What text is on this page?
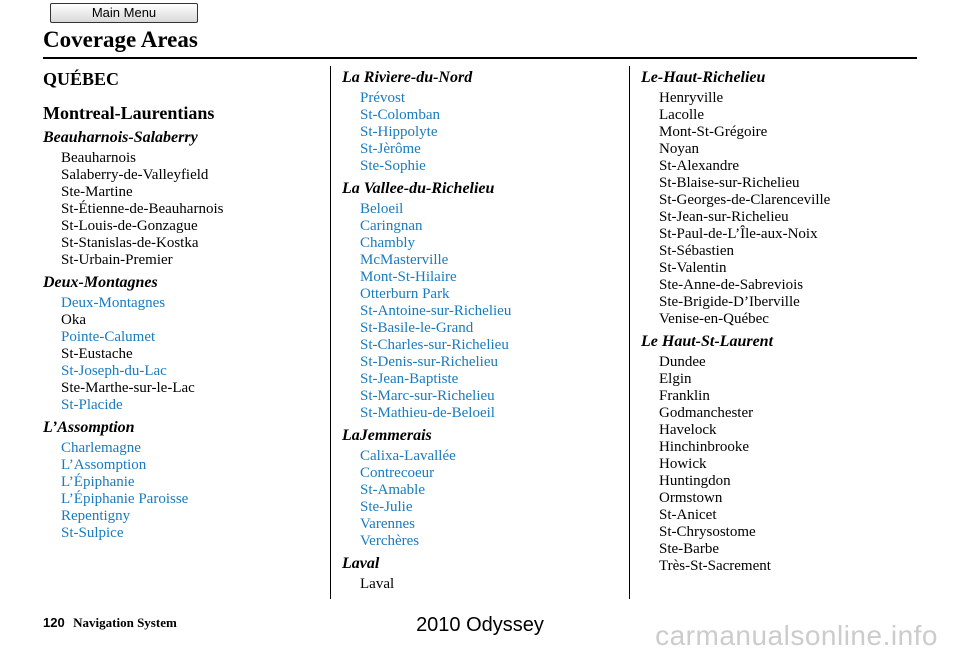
Main Menu
Coverage Areas
QUÉBEC
Montreal-Laurentians
Beauharnois-Salaberry
Beauharnois
Salaberry-de-Valleyfield
Ste-Martine
St-Étienne-de-Beauharnois
St-Louis-de-Gonzague
St-Stanislas-de-Kostka
St-Urbain-Premier
Deux-Montagnes
Deux-Montagnes
Oka
Pointe-Calumet
St-Eustache
St-Joseph-du-Lac
Ste-Marthe-sur-le-Lac
St-Placide
L’Assomption
Charlemagne
L’Assomption
L’Épiphanie
L’Épiphanie Paroisse
Repentigny
St-Sulpice
La Rivìere-du-Nord
Prévost
St-Colomban
St-Hippolyte
St-Jèrôme
Ste-Sophie
La Vallee-du-Richelieu
Beloeil
Caringnan
Chambly
McMasterville
Mont-St-Hilaire
Otterburn Park
St-Antoine-sur-Richelieu
St-Basile-le-Grand
St-Charles-sur-Richelieu
St-Denis-sur-Richelieu
St-Jean-Baptiste
St-Marc-sur-Richelieu
St-Mathieu-de-Beloeil
LaJemmerais
Calixa-Lavallée
Contrecoeur
St-Amable
Ste-Julie
Varennes
Verchères
Laval
Laval
Le-Haut-Richelieu
Henryville
Lacolle
Mont-St-Grégoire
Noyan
St-Alexandre
St-Blaise-sur-Richelieu
St-Georges-de-Clarenceville
St-Jean-sur-Richelieu
St-Paul-de-L’Île-aux-Noix
St-Sébastien
St-Valentin
Ste-Anne-de-Sabreviois
Ste-Brigide-D’Iberville
Venise-en-Québec
Le Haut-St-Laurent
Dundee
Elgin
Franklin
Godmanchester
Havelock
Hinchinbrooke
Howick
Huntingdon
Ormstown
St-Anicet
St-Chrysostome
Ste-Barbe
Très-St-Sacrement
120 Navigation System	2010 Odyssey	carmanualsonline.info
